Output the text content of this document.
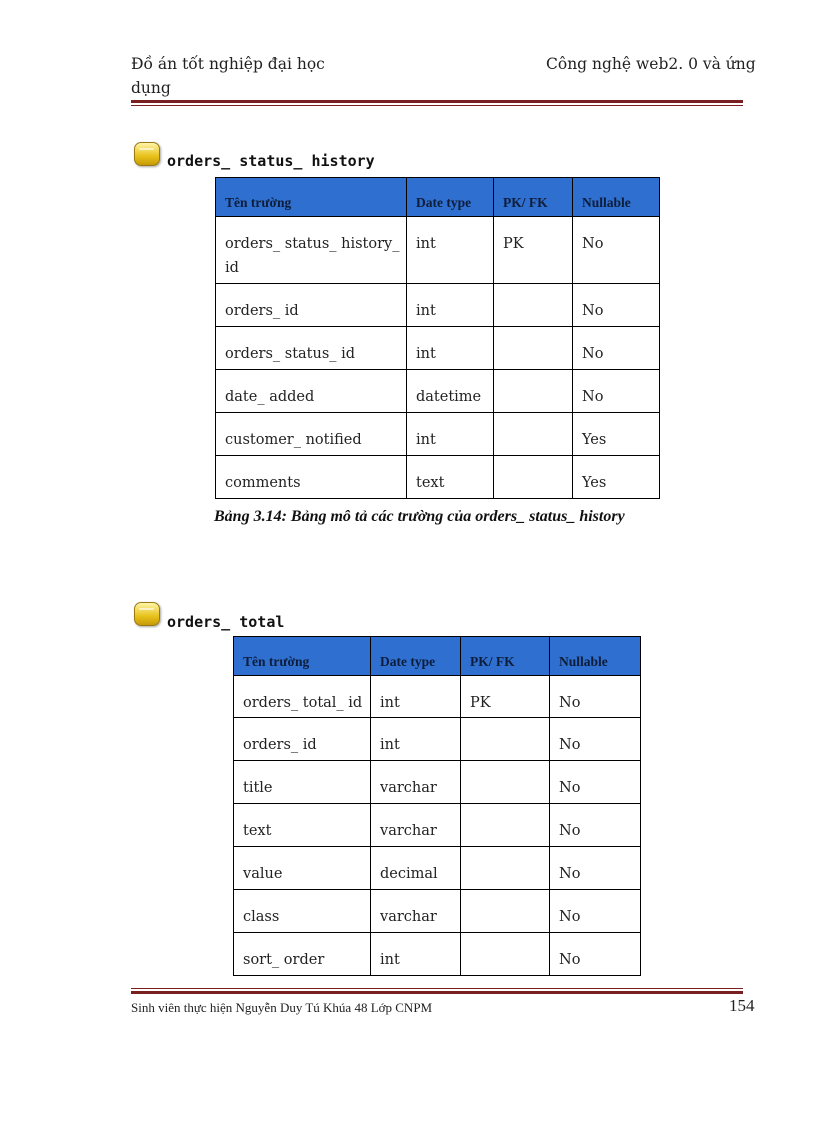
Đồ án tốt nghiệp đại học dụng
Công nghệ web2. 0 và ứng
orders_ status_ history
Tên trường	Date type	PK/ FK	Nullable
orders_ status_ history_ id	int	PK	No
orders_ id	int		No
orders_ status_ id	int		No
date_ added	datetime		No
customer_ notified	int		Yes
comments	text		Yes
Bảng 3.14: Bảng mô tả các trường của orders_ status_ history
orders_ total
Tên trường	Date type	PK/ FK	Nullable
orders_ total_ id	int	PK	No
orders_ id	int		No
title	varchar		No
text	varchar		No
value	decimal		No
class	varchar		No
sort_ order	int		No
Sinh viên thực hiện Nguyễn Duy Tú Khúa 48 Lớp CNPM	154
